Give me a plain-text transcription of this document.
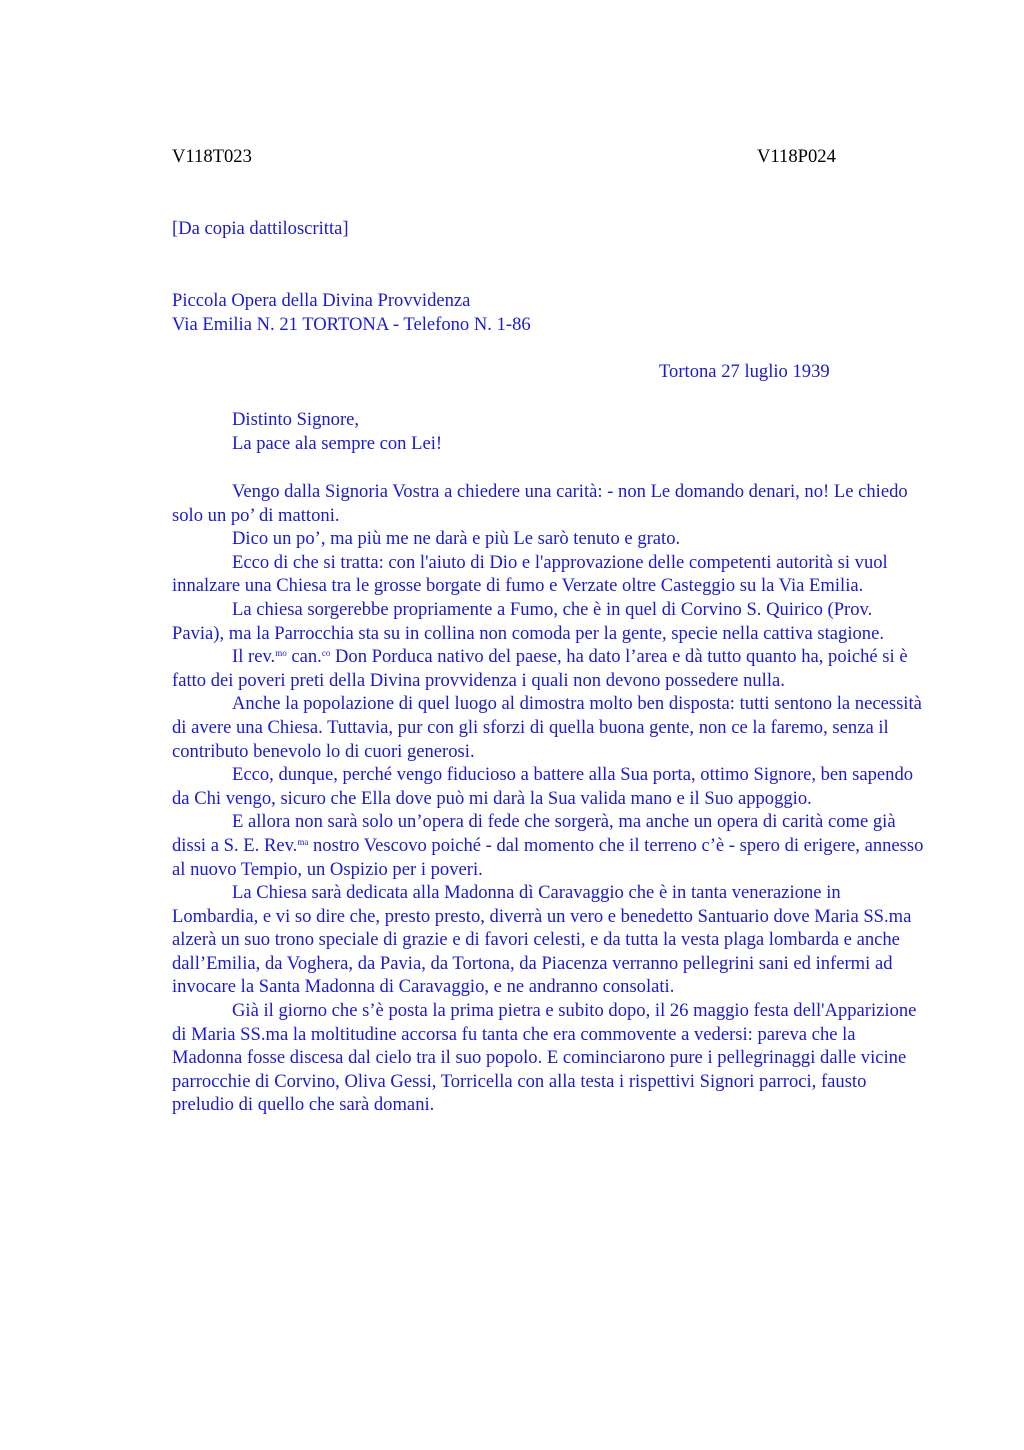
V118T023	V118P024
[Da copia dattiloscritta]
Piccola Opera della Divina Provvidenza
Via Emilia N. 21 TORTONA - Telefono N. 1-86
Tortona 27 luglio 1939
Distinto Signore,
La pace ala sempre con Lei!

Vengo dalla Signoria Vostra a chiedere una carità: - non Le domando denari, no! Le chiedo solo un po’ di mattoni.

Dico un po’, ma più me ne darà e più Le sarò tenuto e grato.

Ecco di che si tratta: con l'aiuto di Dio e l'approvazione delle competenti autorità si vuol innalzare una Chiesa tra le grosse borgate di fumo e Verzate oltre Casteggio su la Via Emilia.

La chiesa sorgerebbe propriamente a Fumo, che è in quel di Corvino S. Quirico (Prov. Pavia), ma la Parrocchia sta su in collina non comoda per la gente, specie nella cattiva stagione.

Il rev.$^{mo}$ can.$^{co}$ Don Porduca nativo del paese, ha dato l’area e dà tutto quanto ha, poiché si è fatto dei poveri preti della Divina provvidenza i quali non devono possedere nulla.

Anche la popolazione di quel luogo al dimostra molto ben disposta: tutti sentono la necessità di avere una Chiesa. Tuttavia, pur con gli sforzi di quella buona gente, non ce la faremo, senza il contributo benevolo lo di cuori generosi.

Ecco, dunque, perché vengo fiducioso a battere alla Sua porta, ottimo Signore, ben sapendo da Chi vengo, sicuro che Ella dove può mi darà la Sua valida mano e il Suo appoggio.

E allora non sarà solo un’opera di fede che sorgerà, ma anche un opera di carità come già dissi a S. E. Rev.$^{ma}$ nostro Vescovo poiché - dal momento che il terreno c’è - spero di erigere, annesso al nuovo Tempio, un Ospizio per i poveri.

La Chiesa sarà dedicata alla Madonna dì Caravaggio che è in tanta venerazione in Lombardia, e vi so dire che, presto presto, diverrà un vero e benedetto Santuario dove Maria SS.ma alzerà un suo trono speciale di grazie e di favori celesti, e da tutta la vesta plaga lombarda e anche dall’Emilia, da Voghera, da Pavia, da Tortona, da Piacenza verranno pellegrini sani ed infermi ad invocare la Santa Madonna di Caravaggio, e ne andranno consolati.

Già il giorno che s’è posta la prima pietra e subito dopo, il 26 maggio festa dell'Apparizione di Maria SS.ma la moltitudine accorsa fu tanta che era commovente a vedersi: pareva che la Madonna fosse discesa dal cielo tra il suo popolo. E cominciarono pure i pellegrinaggi dalle vicine parrocchie di Corvino, Oliva Gessi, Torricella con alla testa i rispettivi Signori parroci, fausto preludio di quello che sarà domani.
